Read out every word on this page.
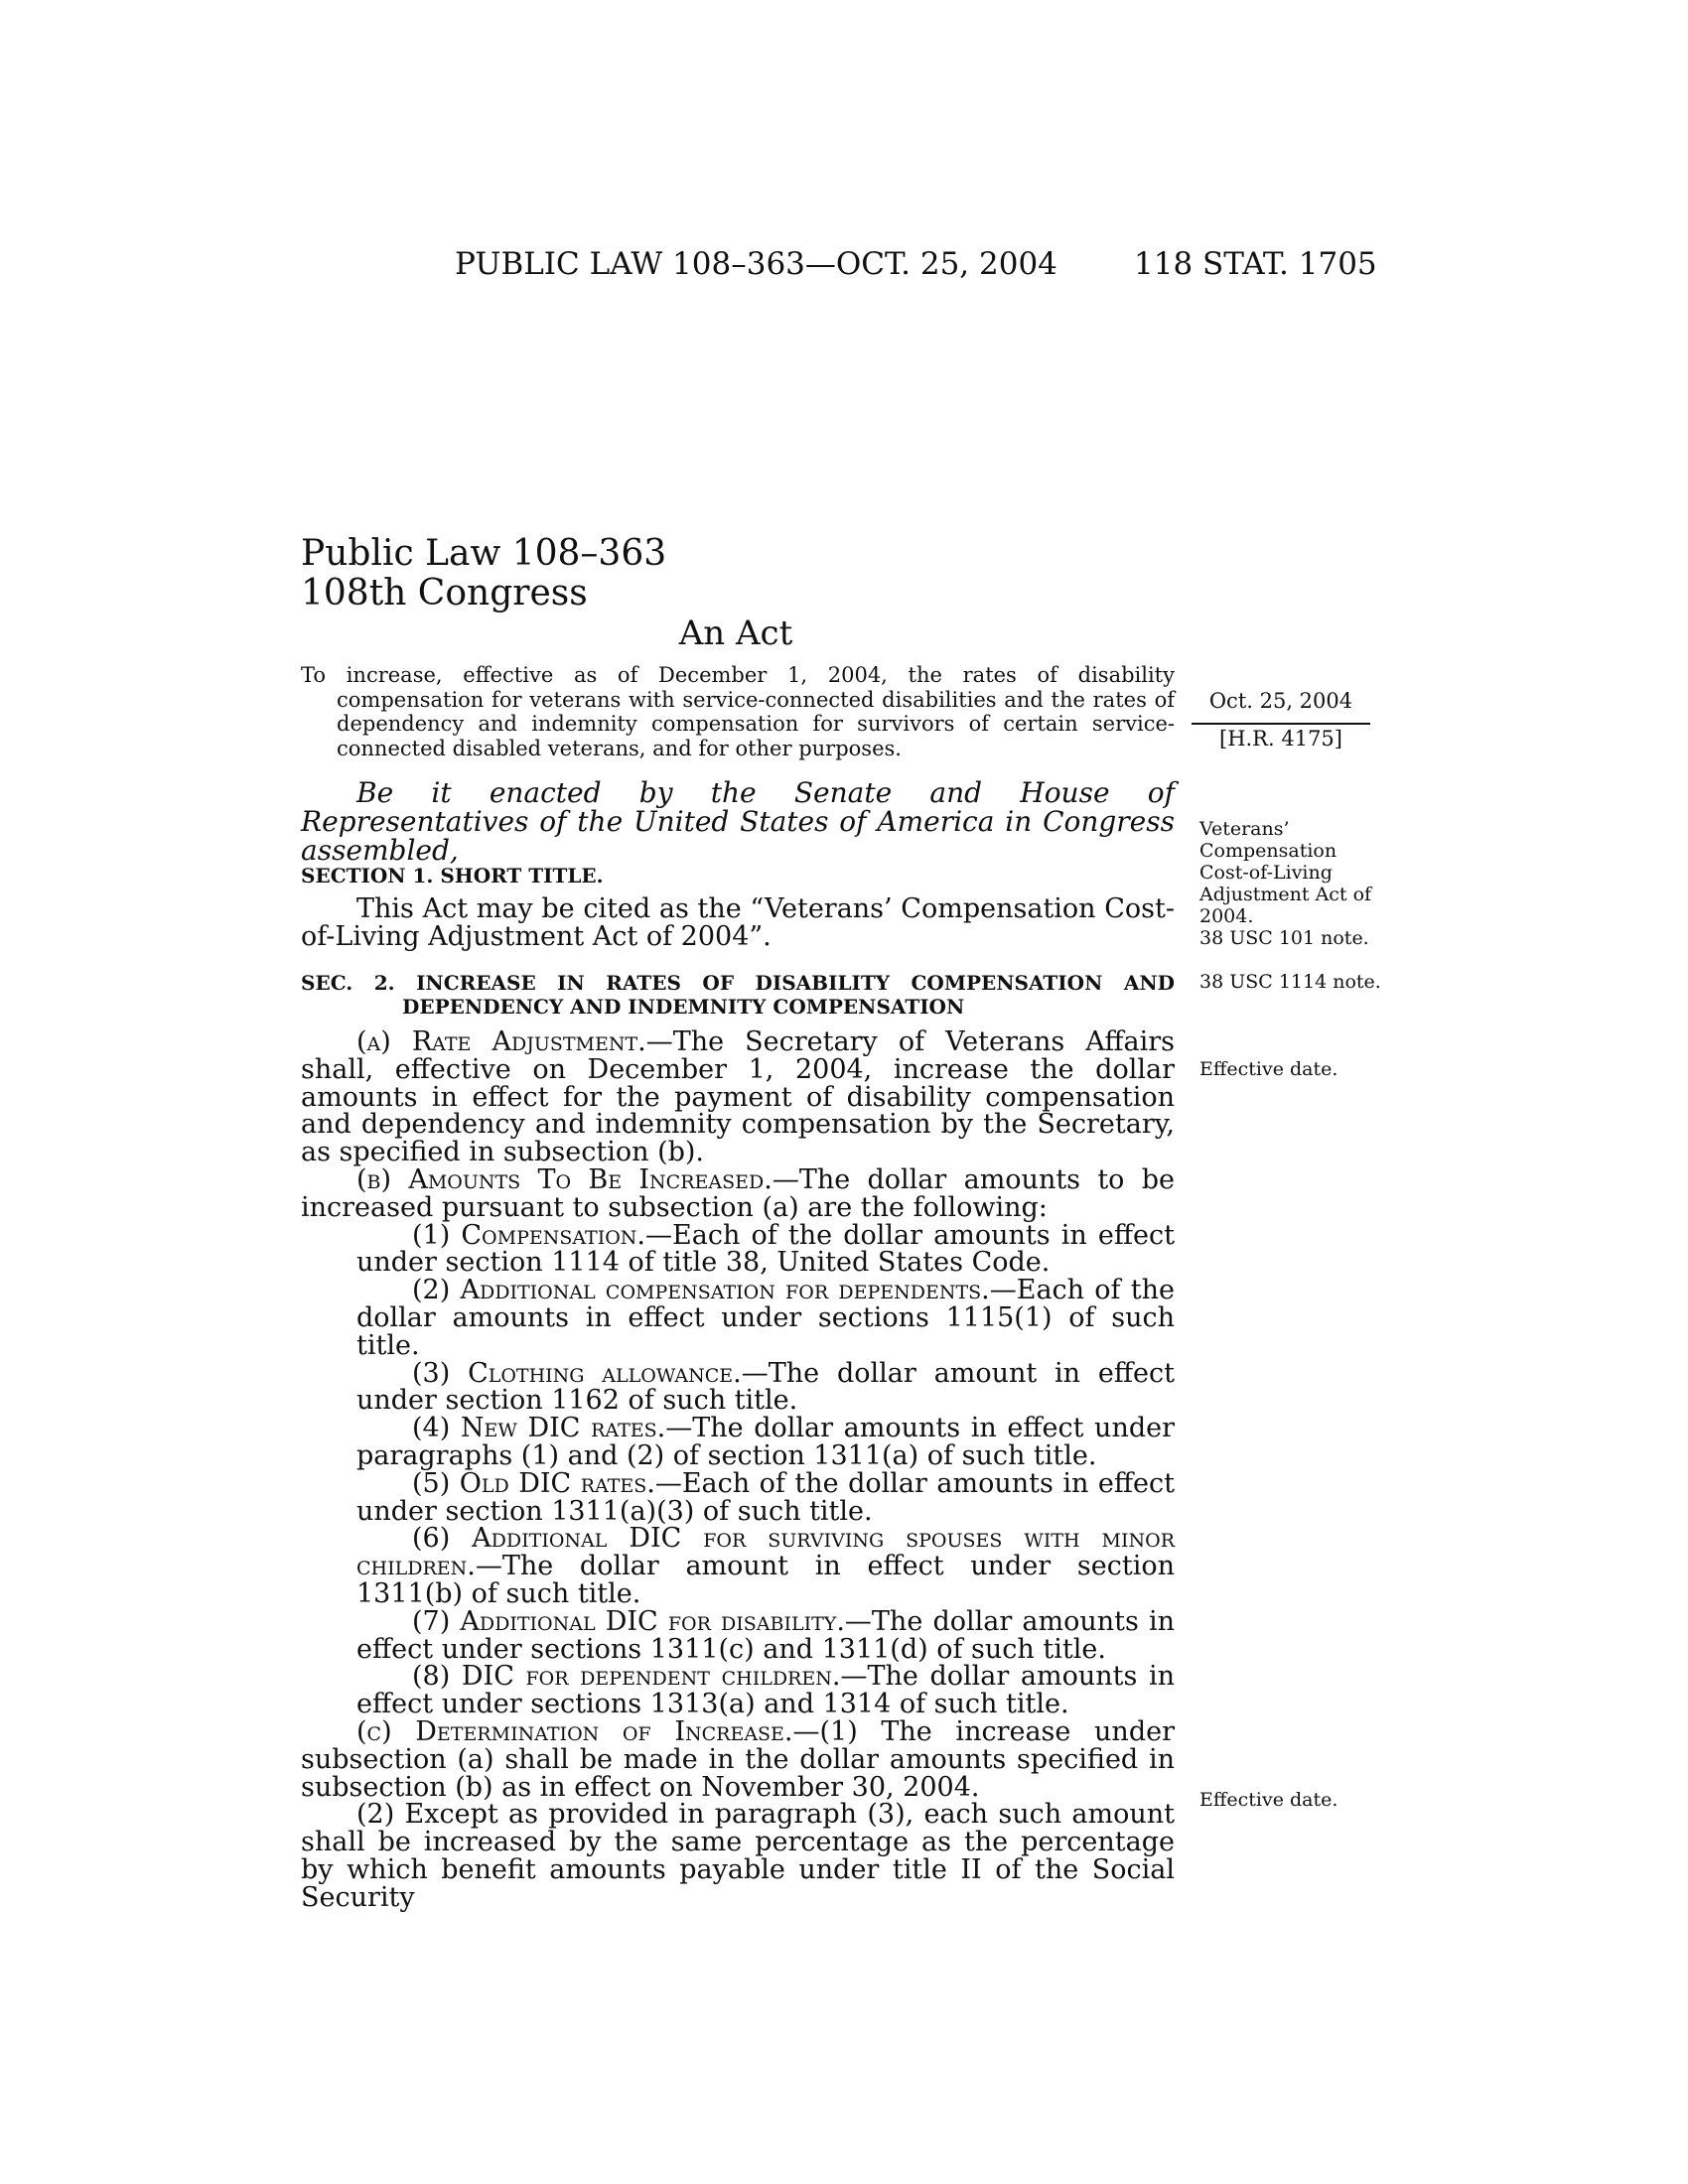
PUBLIC LAW 108–363—OCT. 25, 2004 118 STAT. 1705
Public Law 108–363
108th Congress
An Act
To increase, effective as of December 1, 2004, the rates of disability compensation for veterans with service-connected disabilities and the rates of dependency and indemnity compensation for survivors of certain service-connected disabled veterans, and for other purposes.
Oct. 25, 2004
[H.R. 4175]
Be it enacted by the Senate and House of Representatives of the United States of America in Congress assembled,
Veterans’ Compensation Cost-of-Living Adjustment Act of 2004.
38 USC 101 note.
38 USC 1114 note.
Effective date.
Effective date.
SECTION 1. SHORT TITLE.
This Act may be cited as the “Veterans’ Compensation Cost-of-Living Adjustment Act of 2004”.
SEC. 2. INCREASE IN RATES OF DISABILITY COMPENSATION AND DEPENDENCY AND INDEMNITY COMPENSATION

(a) Rate Adjustment.—The Secretary of Veterans Affairs shall, effective on December 1, 2004, increase the dollar amounts in effect for the payment of disability compensation and dependency and indemnity compensation by the Secretary, as specified in subsection (b).

(b) Amounts To Be Increased.—The dollar amounts to be increased pursuant to subsection (a) are the following:

(1) Compensation.—Each of the dollar amounts in effect under section 1114 of title 38, United States Code.

(2) Additional compensation for dependents.—Each of the dollar amounts in effect under sections 1115(1) of such title.

(3) Clothing allowance.—The dollar amount in effect under section 1162 of such title.

(4) New DIC rates.—The dollar amounts in effect under paragraphs (1) and (2) of section 1311(a) of such title.

(5) Old DIC rates.—Each of the dollar amounts in effect under section 1311(a)(3) of such title.

(6) Additional DIC for surviving spouses with minor children.—The dollar amount in effect under section 1311(b) of such title.

(7) Additional DIC for disability.—The dollar amounts in effect under sections 1311(c) and 1311(d) of such title.

(8) DIC for dependent children.—The dollar amounts in effect under sections 1313(a) and 1314 of such title.

(c) Determination of Increase.—(1) The increase under subsection (a) shall be made in the dollar amounts specified in subsection (b) as in effect on November 30, 2004.

(2) Except as provided in paragraph (3), each such amount shall be increased by the same percentage as the percentage by which benefit amounts payable under title II of the Social Security
